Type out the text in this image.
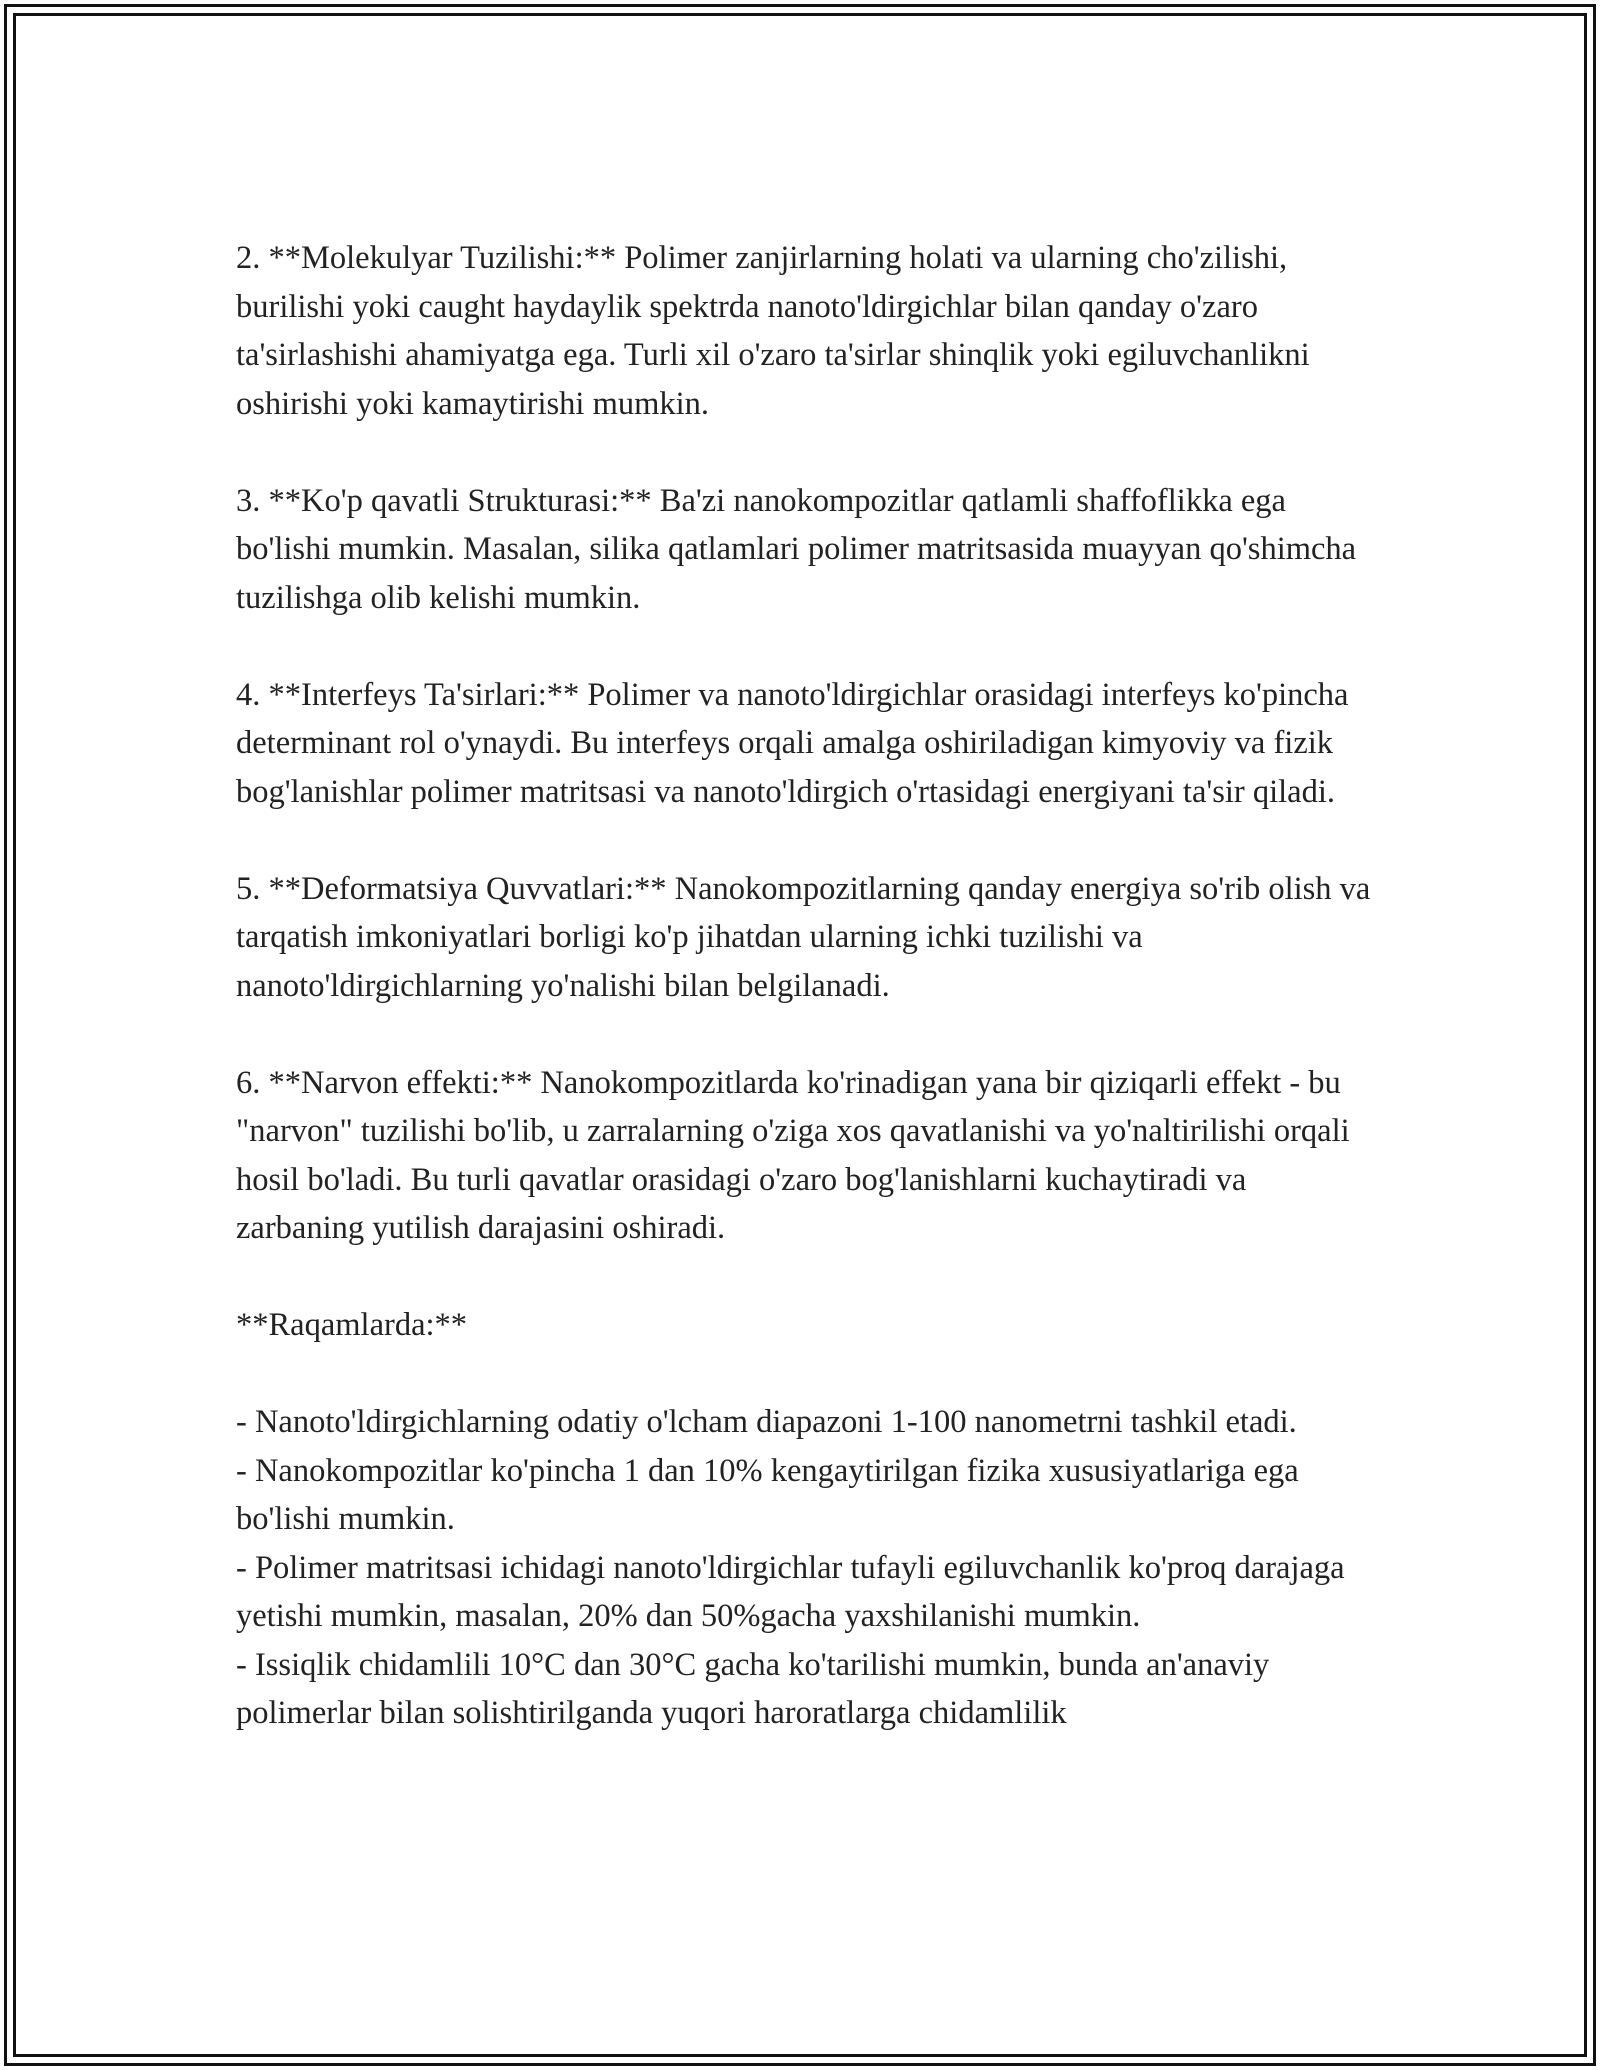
2. **Molekulyar Tuzilishi:** Polimer zanjirlarning holati va ularning cho'zilishi, burilishi yoki caught haydaylik spektrda nanoto'ldirgichlar bilan qanday o'zaro ta'sirlashishi ahamiyatga ega. Turli xil o'zaro ta'sirlar shinqlik yoki egiluvchanlikni oshirishi yoki kamaytirishi mumkin.

3. **Ko'p qavatli Strukturasi:** Ba'zi nanokompozitlar qatlamli shaffoflikka ega bo'lishi mumkin. Masalan, silika qatlamlari polimer matritsasida muayyan qo'shimcha tuzilishga olib kelishi mumkin.

4. **Interfeys Ta'sirlari:** Polimer va nanoto'ldirgichlar orasidagi interfeys ko'pincha determinant rol o'ynaydi. Bu interfeys orqali amalga oshiriladigan kimyoviy va fizik bog'lanishlar polimer matritsasi va nanoto'ldirgich o'rtasidagi energiyani ta'sir qiladi.

5. **Deformatsiya Quvvatlari:** Nanokompozitlarning qanday energiya so'rib olish va tarqatish imkoniyatlari borligi ko'p jihatdan ularning ichki tuzilishi va nanoto'ldirgichlarning yo'nalishi bilan belgilanadi.

6. **Narvon effekti:** Nanokompozitlarda ko'rinadigan yana bir qiziqarli effekt - bu "narvon" tuzilishi bo'lib, u zarralarning o'ziga xos qavatlanishi va yo'naltirilishi orqali hosil bo'ladi. Bu turli qavatlar orasidagi o'zaro bog'lanishlarni kuchaytiradi va zarbaning yutilish darajasini oshiradi.

**Raqamlarda:**

- Nanoto'ldirgichlarning odatiy o'lcham diapazoni 1-100 nanometrni tashkil etadi.

- Nanokompozitlar ko'pincha 1 dan 10% kengaytirilgan fizika xususiyatlariga ega bo'lishi mumkin.

- Polimer matritsasi ichidagi nanoto'ldirgichlar tufayli egiluvchanlik ko'proq darajaga yetishi mumkin, masalan, 20% dan 50%gacha yaxshilanishi mumkin.

- Issiqlik chidamlili 10°C dan 30°C gacha ko'tarilishi mumkin, bunda an'anaviy polimerlar bilan solishtirilganda yuqori haroratlarga chidamlilik
